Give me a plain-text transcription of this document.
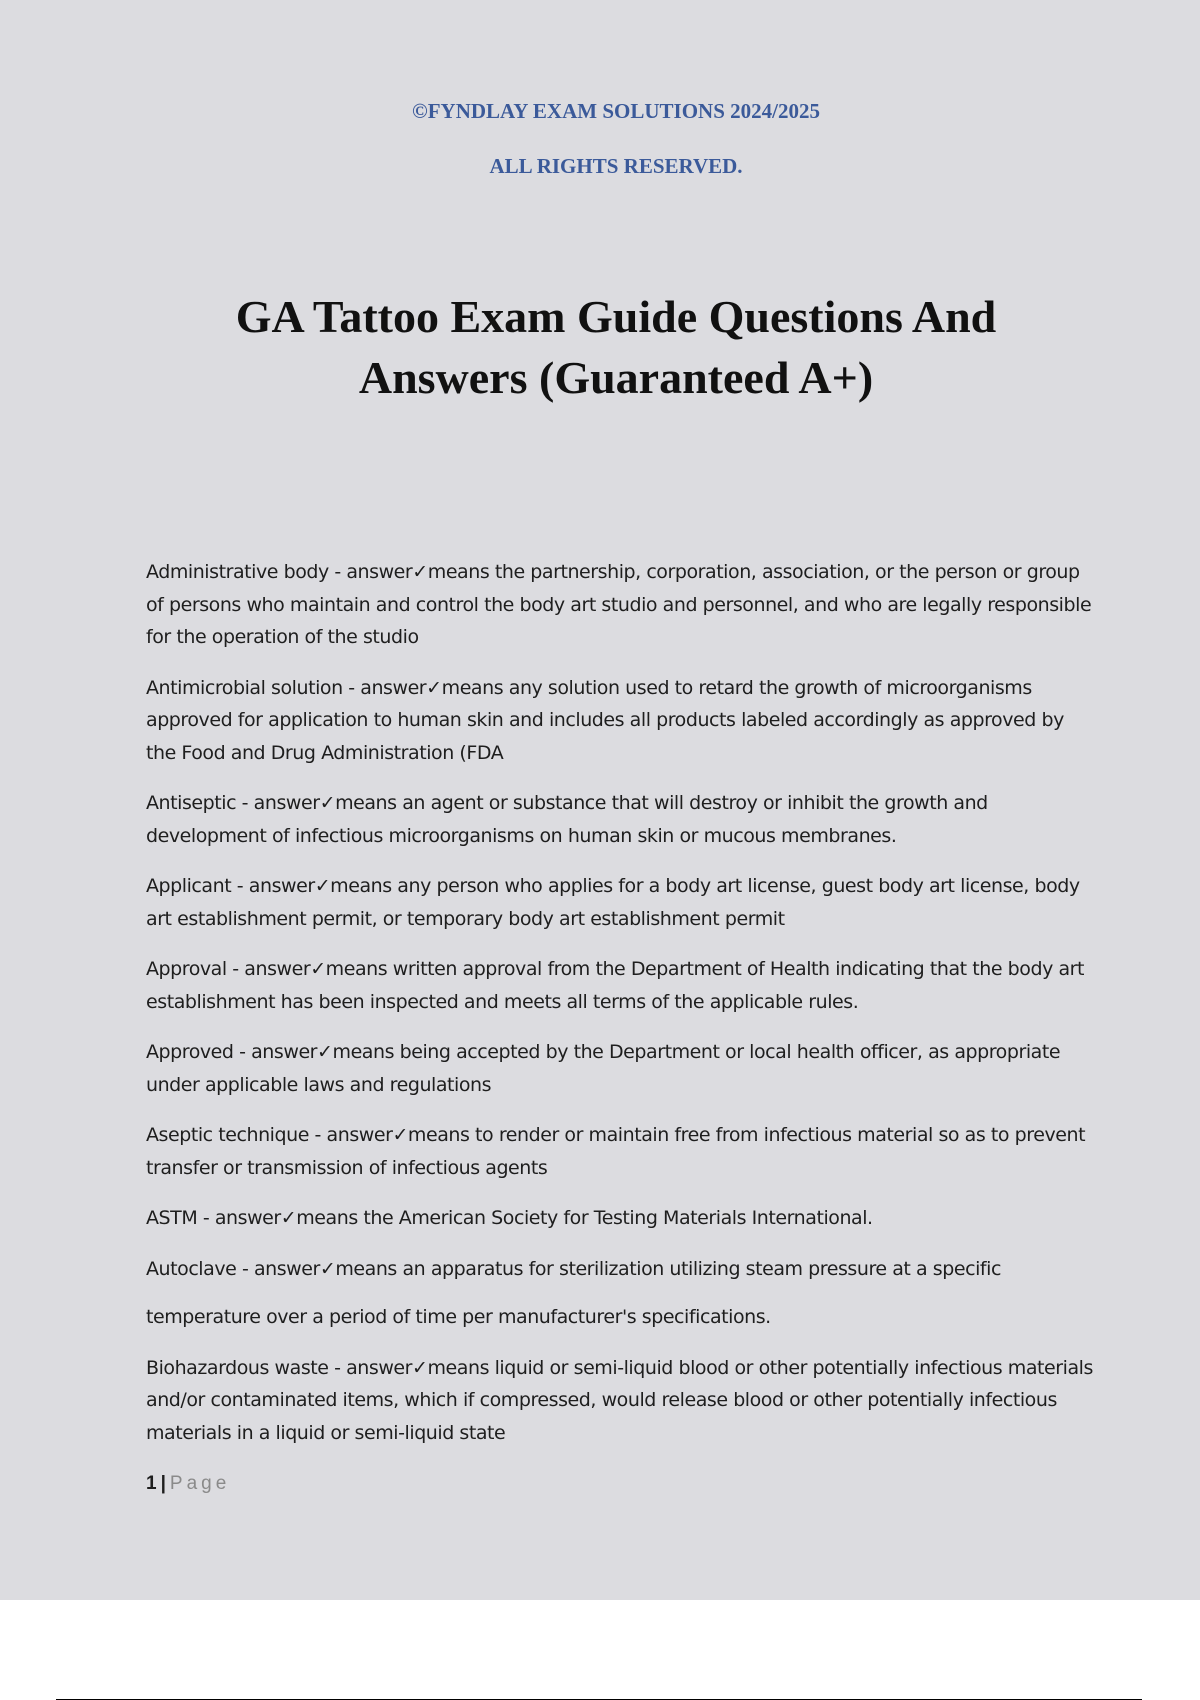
©FYNDLAY EXAM SOLUTIONS 2024/2025
ALL RIGHTS RESERVED.
GA Tattoo Exam Guide Questions And
Answers (Guaranteed A+)

Administrative body - answer✓means the partnership, corporation, association, or the person or group of persons who maintain and control the body art studio and personnel, and who are legally responsible for the operation of the studio

Antimicrobial solution - answer✓means any solution used to retard the growth of microorganisms approved for application to human skin and includes all products labeled accordingly as approved by the Food and Drug Administration (FDA

Antiseptic - answer✓means an agent or substance that will destroy or inhibit the growth and development of infectious microorganisms on human skin or mucous membranes.

Applicant - answer✓means any person who applies for a body art license, guest body art license, body art establishment permit, or temporary body art establishment permit

Approval - answer✓means written approval from the Department of Health indicating that the body art establishment has been inspected and meets all terms of the applicable rules.

Approved - answer✓means being accepted by the Department or local health officer, as appropriate under applicable laws and regulations

Aseptic technique - answer✓means to render or maintain free from infectious material so as to prevent transfer or transmission of infectious agents

ASTM - answer✓means the American Society for Testing Materials International.

Autoclave - answer✓means an apparatus for sterilization utilizing steam pressure at a specific
temperature over a period of time per manufacturer's specifications.

Biohazardous waste - answer✓means liquid or semi-liquid blood or other potentially infectious materials and/or contaminated items, which if compressed, would release blood or other potentially infectious materials in a liquid or semi-liquid state

1 | Page
